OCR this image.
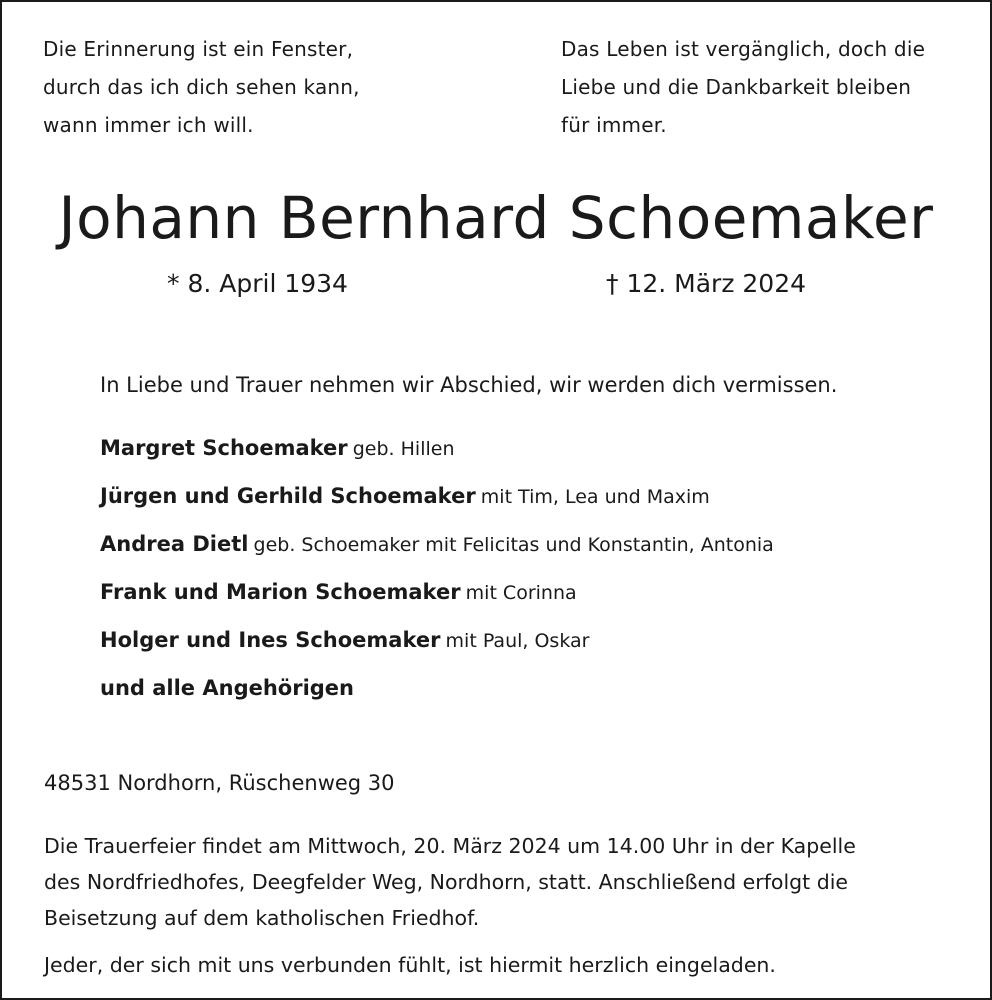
Die Erinnerung ist ein Fenster,
durch das ich dich sehen kann,
wann immer ich will.
Das Leben ist vergänglich, doch die
Liebe und die Dankbarkeit bleiben
für immer.
Johann Bernhard Schoemaker
* 8. April 1934	† 12. März 2024
In Liebe und Trauer nehmen wir Abschied, wir werden dich vermissen.
Margret Schoemaker geb. Hillen
Jürgen und Gerhild Schoemaker mit Tim, Lea und Maxim
Andrea Dietl geb. Schoemaker mit Felicitas und Konstantin, Antonia
Frank und Marion Schoemaker mit Corinna
Holger und Ines Schoemaker mit Paul, Oskar
und alle Angehörigen
48531 Nordhorn, Rüschenweg 30
Die Trauerfeier findet am Mittwoch, 20. März 2024 um 14.00 Uhr in der Kapelle
des Nordfriedhofes, Deegfelder Weg, Nordhorn, statt. Anschließend erfolgt die
Beisetzung auf dem katholischen Friedhof.
Jeder, der sich mit uns verbunden fühlt, ist hiermit herzlich eingeladen.
